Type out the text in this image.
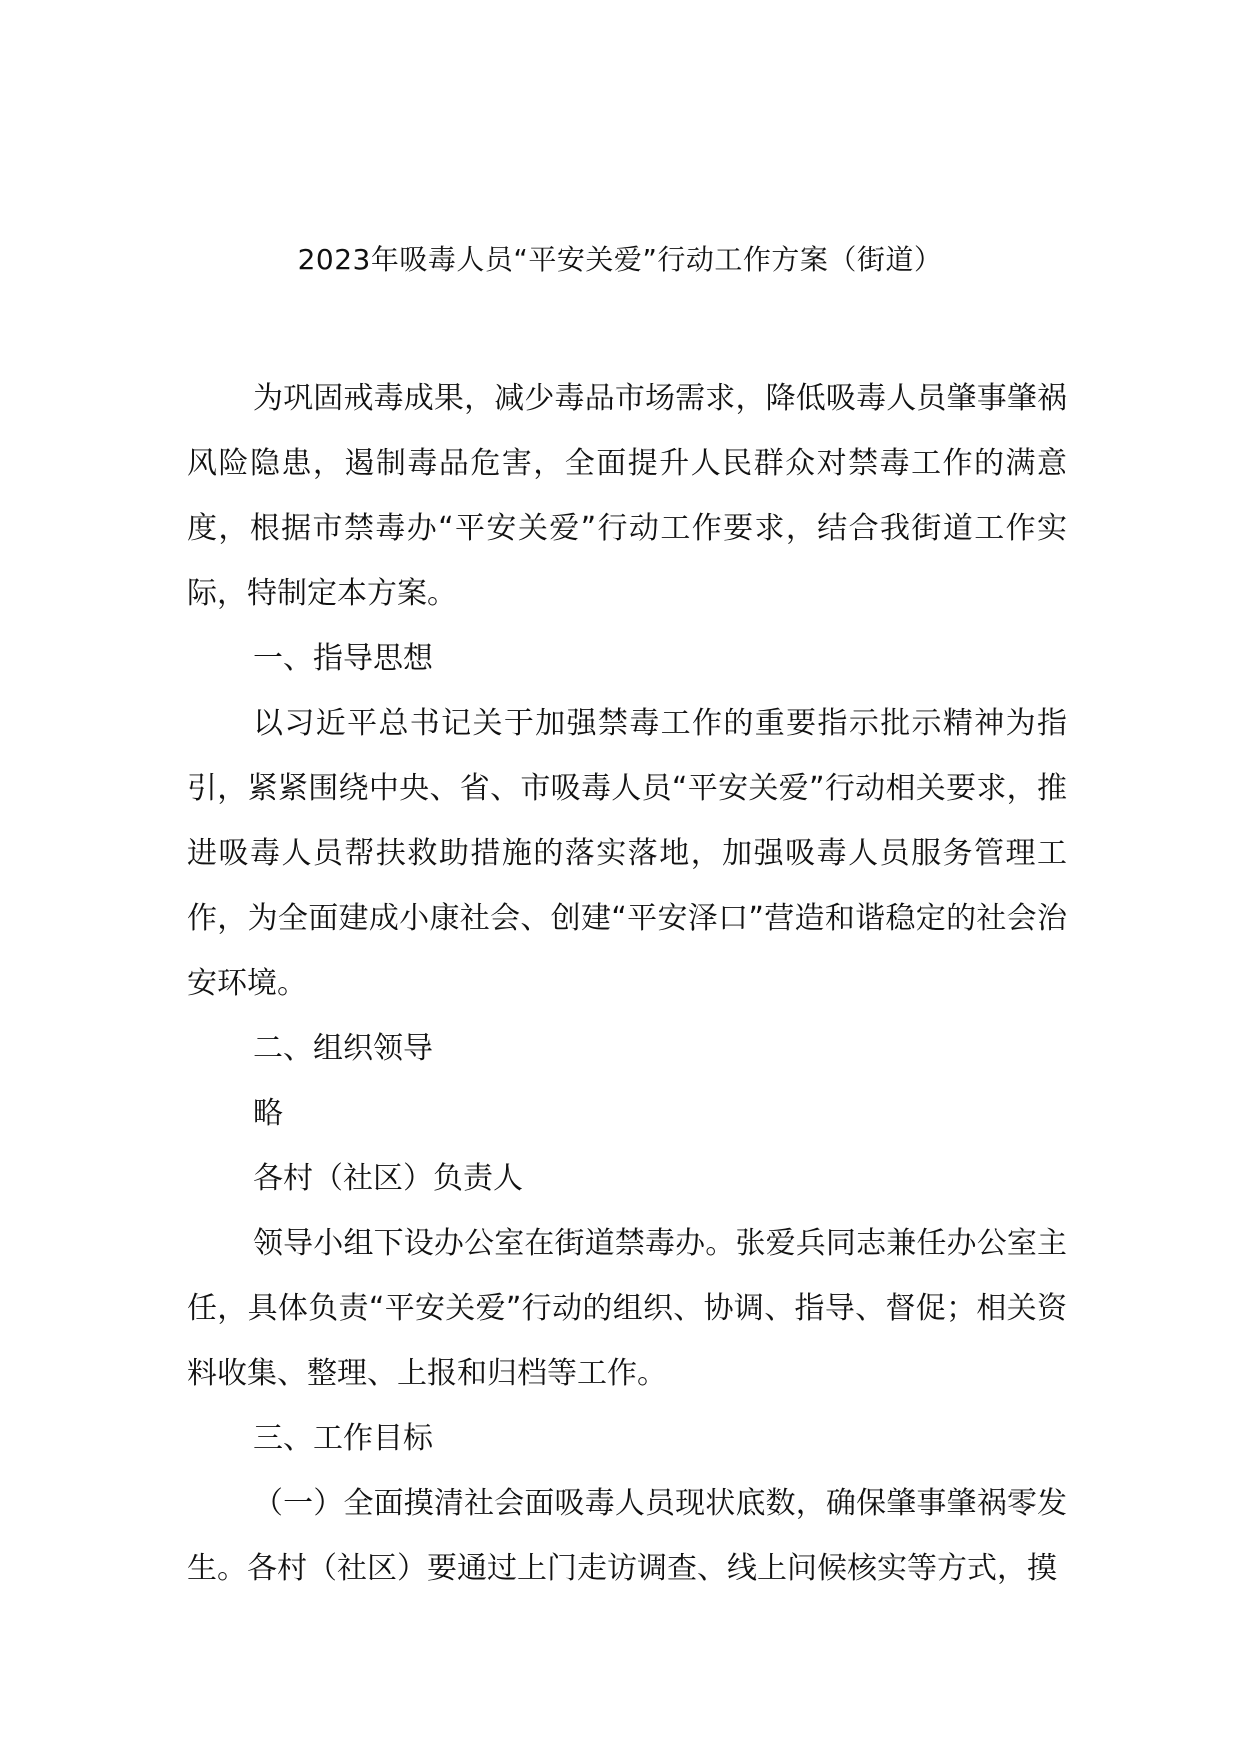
2023年吸毒人员“平安关爱”行动工作方案（街道）

为巩固戒毒成果，减少毒品市场需求，降低吸毒人员肇事肇祸风险隐患，遏制毒品危害，全面提升人民群众对禁毒工作的满意度，根据市禁毒办“平安关爱”行动工作要求，结合我街道工作实际，特制定本方案。

一、指导思想

以习近平总书记关于加强禁毒工作的重要指示批示精神为指引，紧紧围绕中央、省、市吸毒人员“平安关爱”行动相关要求，推进吸毒人员帮扶救助措施的落实落地，加强吸毒人员服务管理工作，为全面建成小康社会、创建“平安泽口”营造和谐稳定的社会治安环境。

二、组织领导

略

各村（社区）负责人

领导小组下设办公室在街道禁毒办。张爱兵同志兼任办公室主任，具体负责“平安关爱”行动的组织、协调、指导、督促；相关资料收集、整理、上报和归档等工作。

三、工作目标

（一）全面摸清社会面吸毒人员现状底数，确保肇事肇祸零发生。各村（社区）要通过上门走访调查、线上问候核实等方式，摸
